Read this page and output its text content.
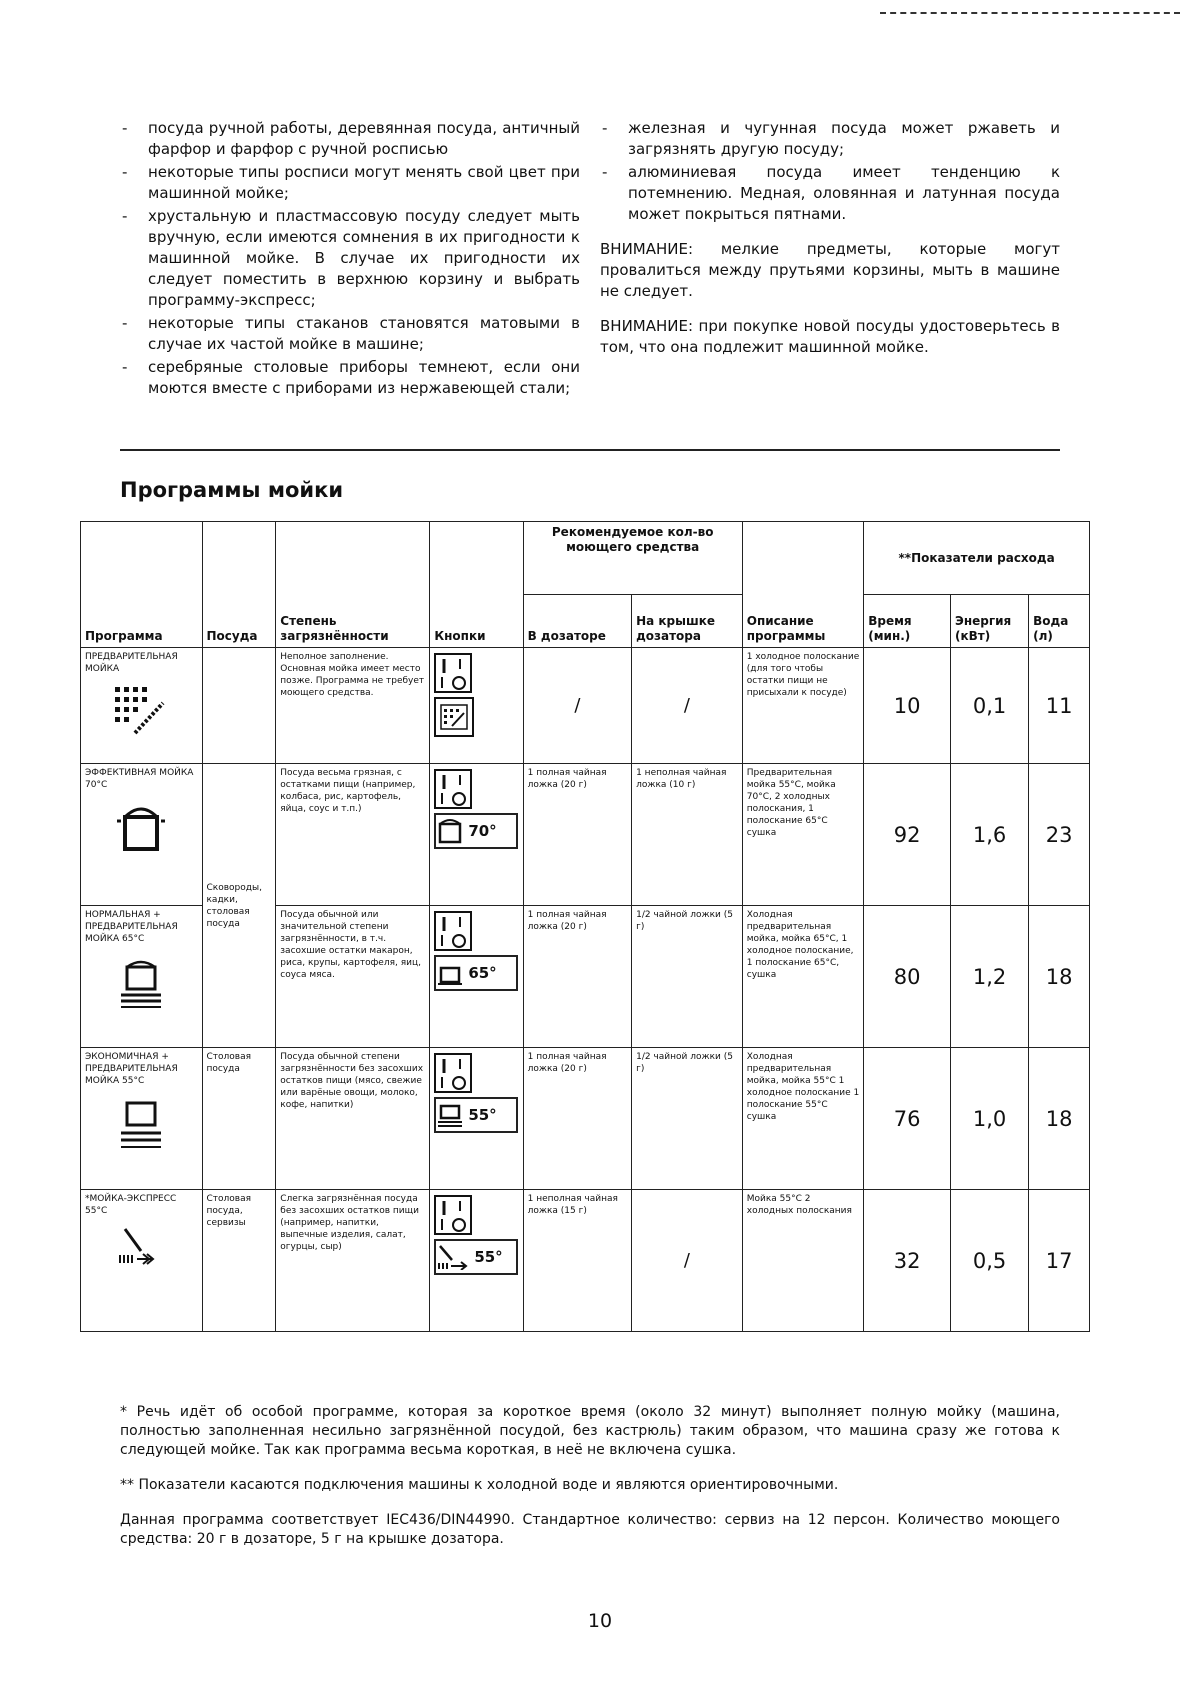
- посуда ручной работы, деревянная посуда, античный фарфор и фарфор с ручной росписью
- некоторые типы росписи могут менять свой цвет при машинной мойке;
- хрустальную и пластмассовую посуду следует мыть вручную, если имеются сомнения в их пригодности к машинной мойке. В случае их пригодности их следует поместить в верхнюю корзину и выбрать программу-экспресс;
- некоторые типы стаканов становятся матовыми в случае их частой мойке в машине;
- серебряные столовые приборы темнеют, если они моются вместе с приборами из нержавеющей стали;
- железная и чугунная посуда может ржаветь и загрязнять другую посуду;
- алюминиевая посуда имеет тенденцию к потемнению. Медная, оловянная и латунная посуда может покрыться пятнами.

ВНИМАНИЕ: мелкие предметы, которые могут провалиться между прутьями корзины, мыть в машине не следует.

ВНИМАНИЕ: при покупке новой посуды удостоверьтесь в том, что она подлежит машинной мойке.

Программы мойки
Программа	Посуда	Степень загрязнённости	Кнопки	Рекомендуемое кол-во моющего средства		Описание программы	**Показатели расхода		
				В дозаторе	На крышке дозатора		Время (мин.)	Энергия (кВт)	Вода (л)

ПРЕДВАРИТЕЛЬНАЯ МОЙКА		Неполное заполнение. Основная мойка имеет место позже. Программа не требует моющего средства.		/	/	1 холодное полоскание (для того чтобы остатки пищи не присыхали к посуде)	10	0,1	11

ЭФФЕКТИВНАЯ МОЙКА 70°C	Сковороды, кадки, столовая посуда	Посуда весьма грязная, с остатками пищи (например, колбаса, рис, картофель, яйца, соус и т.п.)	70°	1 полная чайная ложка (20 г)	1 неполная чайная ложка (10 г)	Предварительная мойка 55°C, мойка 70°C, 2 холодных полоскания, 1 полоскание 65°C сушка	92	1,6	23

НОРМАЛЬНАЯ + ПРЕДВАРИТЕЛЬНАЯ МОЙКА 65°C		Посуда обычной или значительной степени загрязнённости, в т.ч. засохшие остатки макарон, риса, крупы, картофеля, яиц, соуса мяса.	65°	1 полная чайная ложка (20 г)	1/2 чайной ложки (5 г)	Холодная предварительная мойка, мойка 65°C, 1 холодное полоскание, 1 полоскание 65°C, сушка	80	1,2	18

ЭКОНОМИЧНАЯ + ПРЕДВАРИТЕЛЬНАЯ МОЙКА 55°C	Столовая посуда	Посуда обычной степени загрязнённости без засохших остатков пищи (мясо, свежие или варёные овощи, молоко, кофе, напитки)	55°	1 полная чайная ложка (20 г)	1/2 чайной ложки (5 г)	Холодная предварительная мойка, мойка 55°C 1 холодное полоскание 1 полоскание 55°C сушка	76	1,0	18

*МОЙКА-ЭКСПРЕСС 55°C	Столовая посуда, сервизы	Слегка загрязнённая посуда без засохших остатков пищи (например, напитки, выпечные изделия, салат, огурцы, сыр)	55°	1 неполная чайная ложка (15 г)	/	Мойка 55°C 2 холодных полоскания	32	0,5	17

* Речь идёт об особой программе, которая за короткое время (около 32 минут) выполняет полную мойку (машина, полностью заполненная несильно загрязнённой посудой, без кастрюль) таким образом, что машина сразу же готова к следующей мойке. Так как программа весьма короткая, в неё не включена сушка.

** Показатели касаются подключения машины к холодной воде и являются ориентировочными.

Данная программа соответствует IEC436/DIN44990. Стандартное количество: сервиз на 12 персон. Количество моющего средства: 20 г в дозаторе, 5 г на крышке дозатора.

10
